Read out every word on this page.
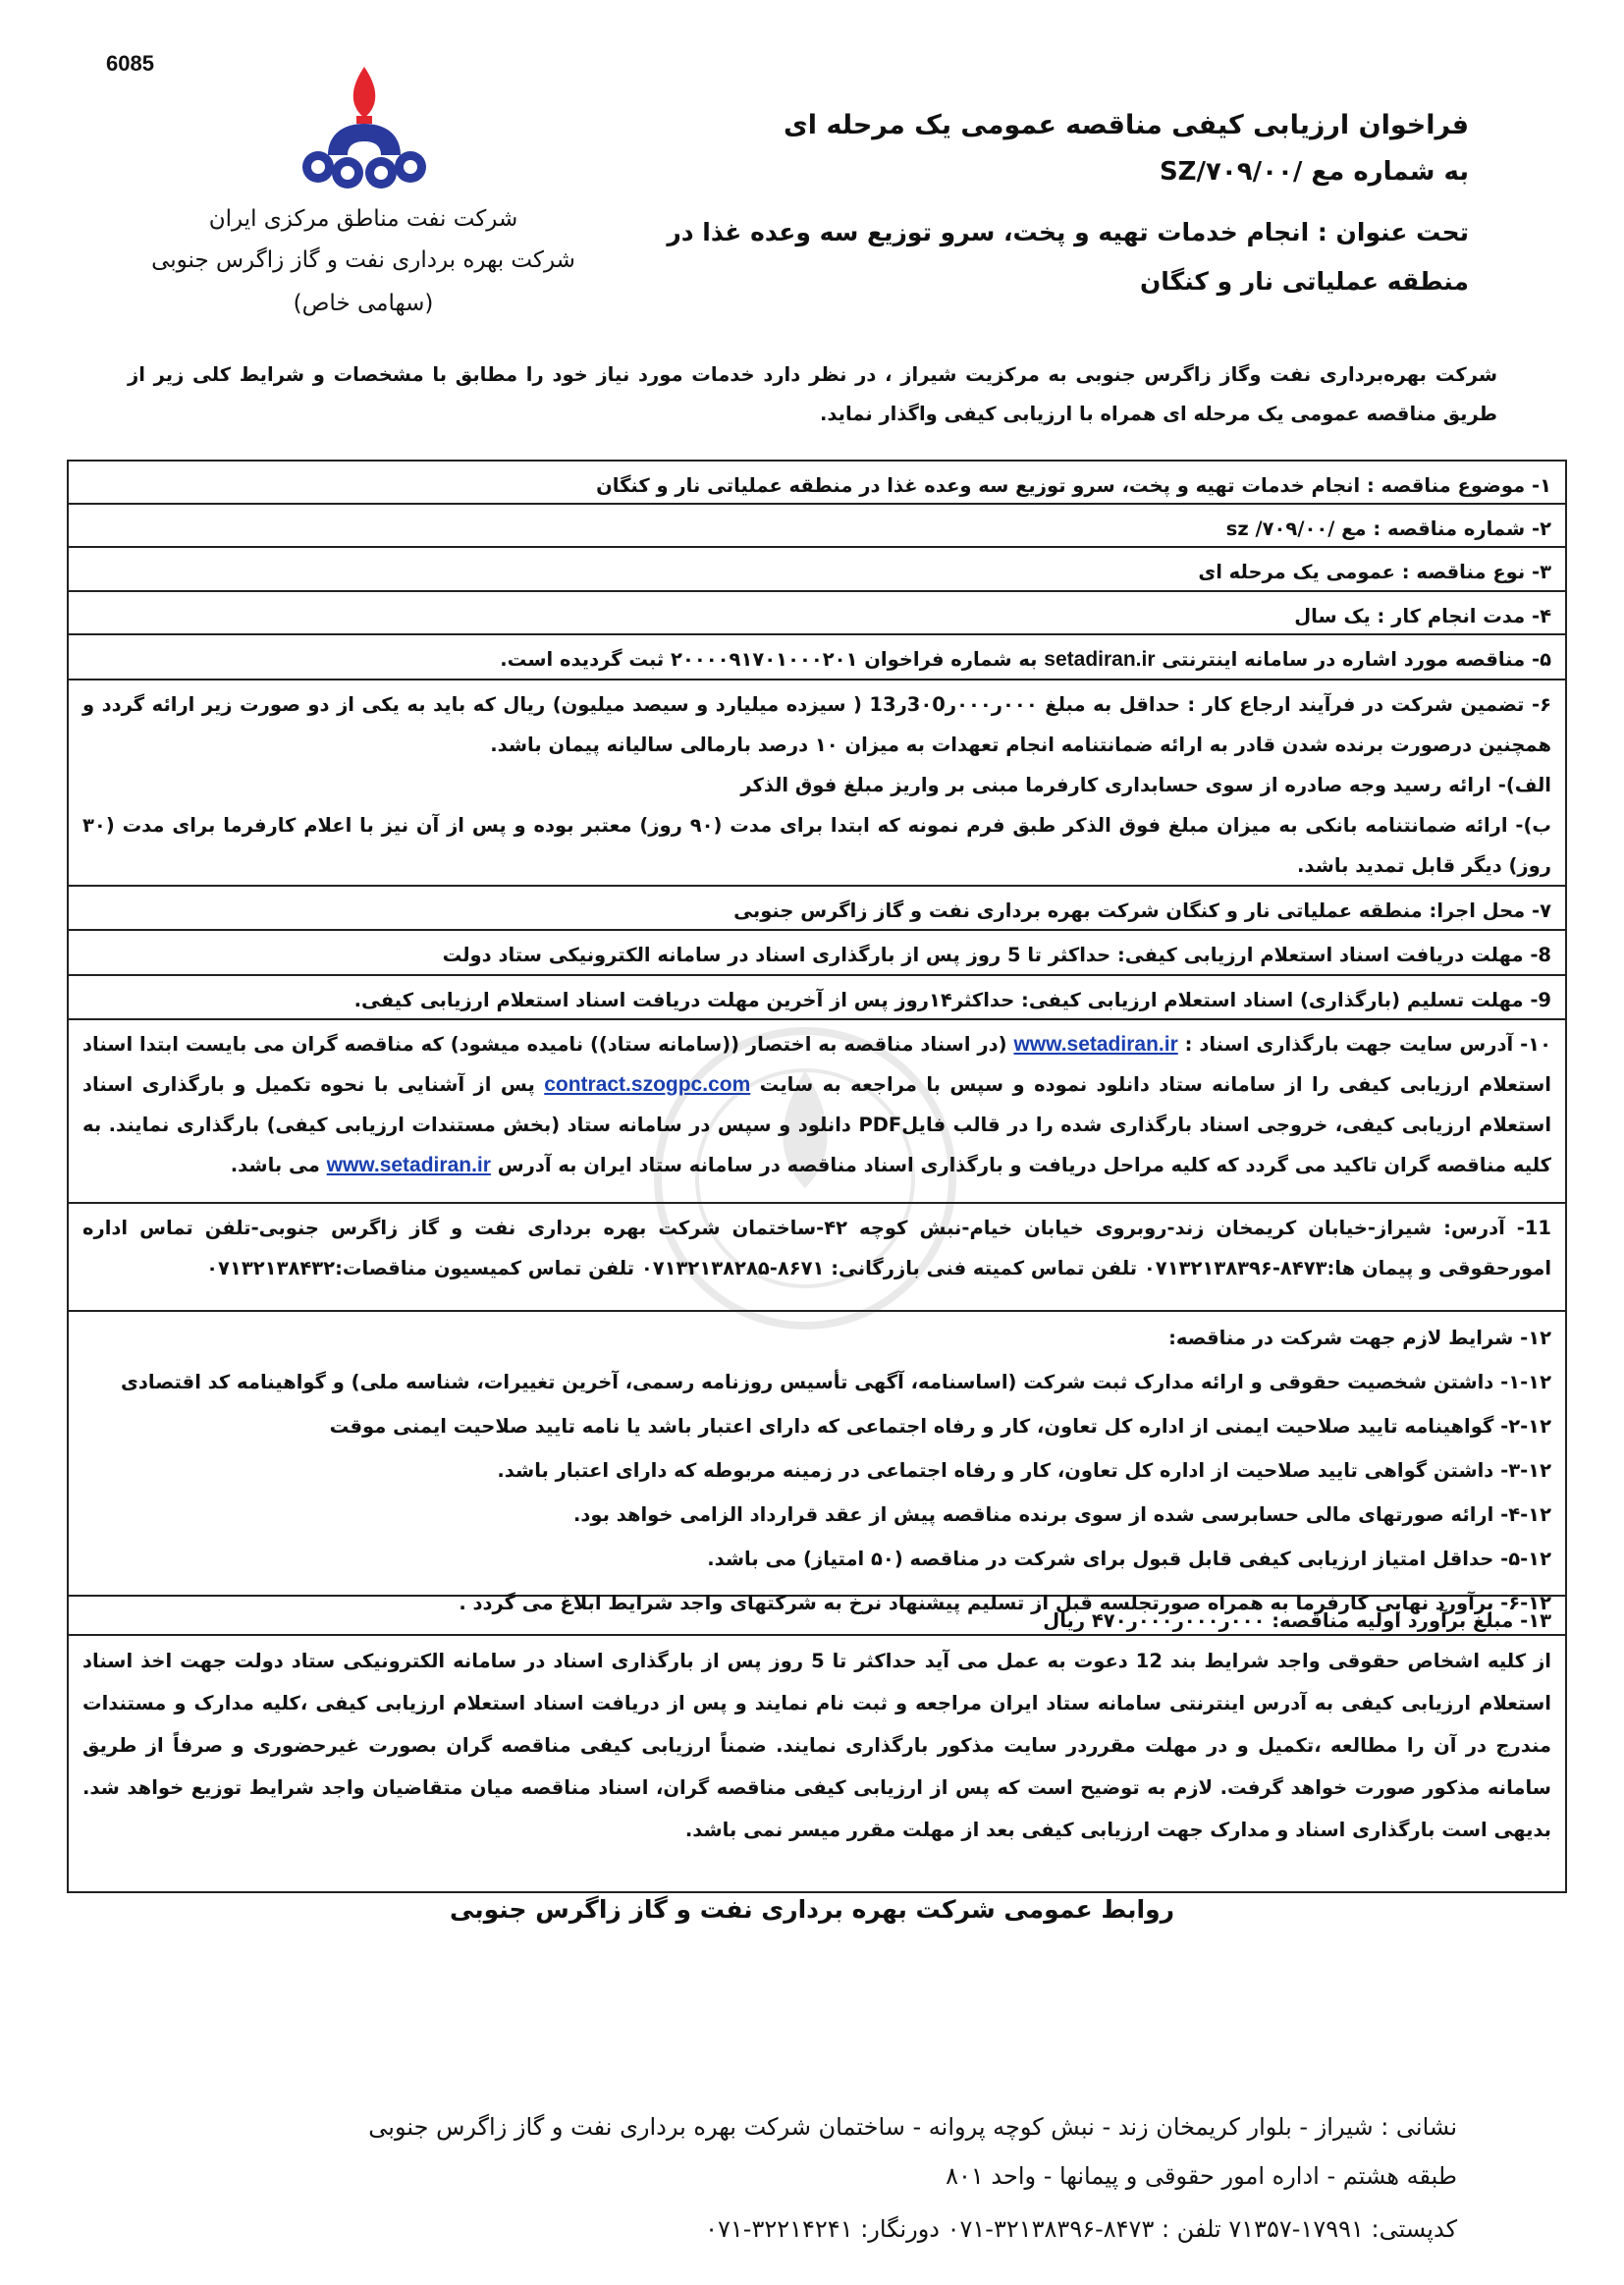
6085
شرکت نفت مناطق مرکزی ایران
شرکت بهره برداری نفت و گاز زاگرس جنوبی
(سهامی خاص)
فراخوان ارزیابی کیفی مناقصه عمومی یک مرحله ای
به شماره مع /۷۰۹/۰۰/SZ
تحت عنوان : انجام خدمات تهیه و پخت، سرو توزیع سه وعده غذا در منطقه عملیاتی نار و کنگان
شرکت بهره‌برداری نفت وگاز زاگرس جنوبی به مرکزیت شیراز ، در نظر دارد خدمات مورد نیاز خود را مطابق با مشخصات و شرایط کلی زیر از طریق مناقصه عمومی یک مرحله ای همراه با ارزیابی کیفی واگذار نماید.

۱- موضوع مناقصه : انجام خدمات تهیه و پخت، سرو توزیع سه وعده غذا در منطقه عملیاتی نار و کنگان

۲- شماره مناقصه : مع /۷۰۹/۰۰/ sz

۳- نوع مناقصه : عمومی یک مرحله ای

۴- مدت انجام کار : یک سال

۵- مناقصه مورد اشاره در سامانه اینترنتی setadiran.ir به شماره فراخوان ۲۰۰۰۰۹۱۷۰۱۰۰۰۲۰۱ ثبت گردیده است.

۶- تضمین شرکت در فرآیند ارجاع کار : حداقل به مبلغ ۰۰۰ر۰۰۰ر3۰0ر13 ( سیزده میلیارد و سیصد میلیون) ریال که باید به یکی از دو صورت زیر ارائه گردد و همچنین درصورت برنده شدن قادر به ارائه ضمانتنامه انجام تعهدات به میزان ۱۰ درصد بارمالی سالیانه پیمان باشد.

الف)- ارائه رسید وجه صادره از سوی حسابداری کارفرما مبنی بر واریز مبلغ فوق الذکر

ب)- ارائه ضمانتنامه بانکی به میزان مبلغ فوق الذکر طبق فرم نمونه که ابتدا برای مدت (۹۰ روز) معتبر بوده و پس از آن نیز با اعلام کارفرما برای مدت (۳۰ روز) دیگر قابل تمدید باشد.

۷- محل اجرا: منطقه عملیاتی نار و کنگان شرکت بهره برداری نفت و گاز زاگرس جنوبی

8- مهلت دریافت اسناد استعلام ارزیابی کیفی: حداکثر تا 5 روز پس از بارگذاری اسناد در سامانه الکترونیکی ستاد دولت

9- مهلت تسلیم (بارگذاری) اسناد استعلام ارزیابی کیفی: حداکثر۱۴روز پس از آخرین مهلت دریافت اسناد استعلام ارزیابی کیفی.

۱۰- آدرس سایت جهت بارگذاری اسناد : www.setadiran.ir (در اسناد مناقصه به اختصار ((سامانه ستاد)) نامیده میشود) که مناقصه گران می بایست ابتدا اسناد استعلام ارزیابی کیفی را از سامانه ستاد دانلود نموده و سپس با مراجعه به سایت contract.szogpc.com پس از آشنایی با نحوه تکمیل و بارگذاری اسناد استعلام ارزیابی کیفی، خروجی اسناد بارگذاری شده را در قالب فایلPDF دانلود و سپس در سامانه ستاد (بخش مستندات ارزیابی کیفی) بارگذاری نمایند. به کلیه مناقصه گران تاکید می گردد که کلیه مراحل دریافت و بارگذاری اسناد مناقصه در سامانه ستاد ایران به آدرس www.setadiran.ir می باشد.

11- آدرس: شیراز-خیابان کریمخان زند-روبروی خیابان خیام-نبش کوچه ۴۲-ساختمان شرکت بهره برداری نفت و گاز زاگرس جنوبی-تلفن تماس اداره امورحقوقی و پیمان ها:۸۴۷۳-۰۷۱۳۲۱۳۸۳۹۶ تلفن تماس کمیته فنی بازرگانی: ۸۶۷۱-۰۷۱۳۲۱۳۸۲۸۵ تلفن تماس کمیسیون مناقصات:۰۷۱۳۲۱۳۸۴۳۲

۱۲- شرایط لازم جهت شرکت در مناقصه:

۱-۱۲- داشتن شخصیت حقوقی و ارائه مدارک ثبت شرکت (اساسنامه، آگهی تأسیس روزنامه رسمی، آخرین تغییرات، شناسه ملی) و گواهینامه کد اقتصادی

۲-۱۲- گواهینامه تایید صلاحیت ایمنی از اداره کل تعاون، کار و رفاه اجتماعی که دارای اعتبار باشد یا نامه تایید صلاحیت ایمنی موقت

۳-۱۲- داشتن گواهی تایید صلاحیت از اداره کل تعاون، کار و رفاه اجتماعی در زمینه مربوطه که دارای اعتبار باشد.

۴-۱۲- ارائه صورتهای مالی حسابرسی شده از سوی برنده مناقصه پیش از عقد قرارداد الزامی خواهد بود.

۵-۱۲- حداقل امتیاز ارزیابی کیفی قابل قبول برای شرکت در مناقصه (۵۰ امتیاز) می باشد.

۶-۱۲- برآورد نهایی کارفرما به همراه صورتجلسه قبل از تسلیم پیشنهاد نرخ به شرکتهای واجد شرایط ابلاغ می گردد .

۱۳- مبلغ برآورد اولیه مناقصه: ۰۰۰ر۰۰۰ر۰۰۰ر۴۷۰ ریال

از کلیه اشخاص حقوقی واجد شرایط بند 12 دعوت به عمل می آید حداکثر تا 5 روز پس از بارگذاری اسناد در سامانه الکترونیکی ستاد دولت جهت اخذ اسناد استعلام ارزیابی کیفی به آدرس اینترنتی سامانه ستاد ایران مراجعه و ثبت نام نمایند و پس از دریافت اسناد استعلام ارزیابی کیفی ،کلیه مدارک و مستندات مندرج در آن را مطالعه ،تکمیل و در مهلت مقرردر سایت مذکور بارگذاری نمایند. ضمناً ارزیابی کیفی مناقصه گران بصورت غیرحضوری و صرفاً از طریق سامانه مذکور صورت خواهد گرفت. لازم به توضیح است که پس از ارزیابی کیفی مناقصه گران، اسناد مناقصه میان متقاضیان واجد شرایط توزیع خواهد شد. بدیهی است بارگذاری اسناد و مدارک جهت ارزیابی کیفی بعد از مهلت مقرر میسر نمی باشد.

روابط عمومی شرکت بهره برداری نفت و گاز زاگرس جنوبی
نشانی : شیراز - بلوار کریمخان زند - نبش کوچه پروانه - ساختمان شرکت بهره برداری نفت و گاز زاگرس جنوبی
طبقه هشتم - اداره امور حقوقی و پیمانها - واحد ۸۰۱
کدپستی: ۱۷۹۹۱-۷۱۳۵۷ تلفن : ۸۴۷۳-۳۲۱۳۸۳۹۶-۰۷۱ دورنگار: ۳۲۲۱۴۲۴۱-۰۷۱
